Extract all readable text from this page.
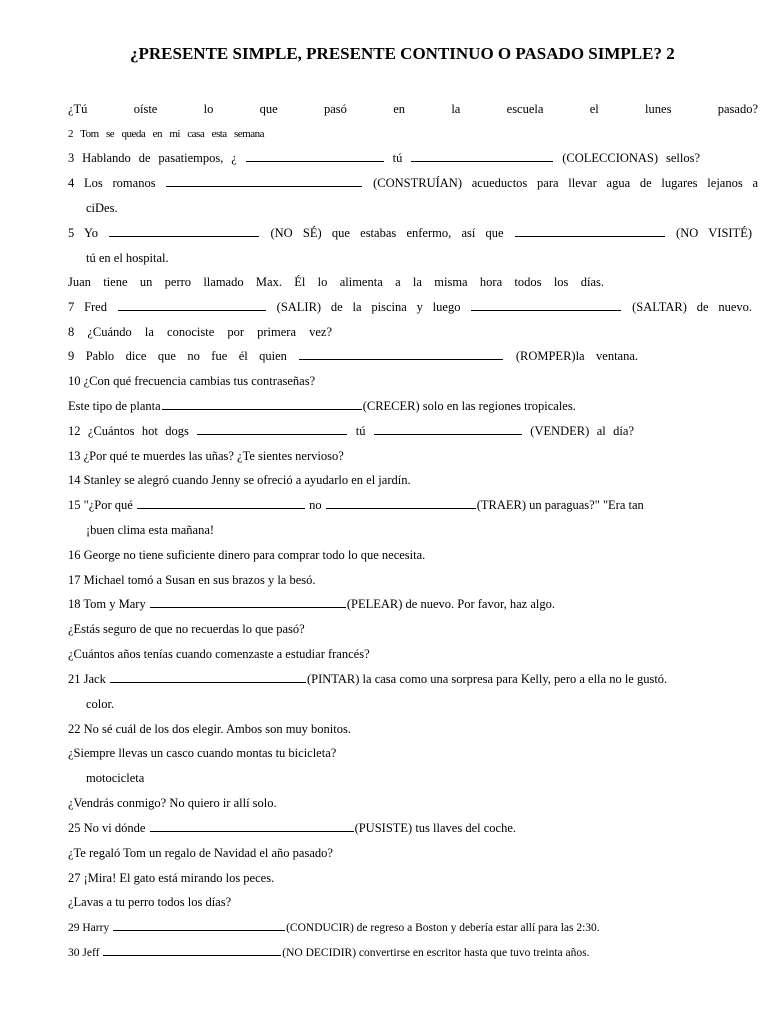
¿PRESENTE SIMPLE, PRESENTE CONTINUO O PASADO SIMPLE? 2
¿Tú oíste lo que pasó en la escuela el lunes pasado?
2 Tom se queda en mi casa esta semana
3 Hablando de pasatiempos, ¿	tú	(COLECCIONAS) sellos?
4 Los romanos	(CONSTRUÍAN) acueductos para llevar agua de lugares lejanos a
ciDes.
5 Yo	(NO SÉ) que estabas enfermo, así que	(NO VISITÉ)
tú en el hospital.
Juan tiene un perro llamado Max. Él lo alimenta a la misma hora todos los días.
7 Fred	(SALIR) de la piscina y luego	(SALTAR) de nuevo.
8 ¿Cuándo la conociste por primera vez?
9 Pablo dice que no fue él quien	(ROMPER)la ventana.
10 ¿Con qué frecuencia cambias tus contraseñas?
Este tipo de planta	(CRECER) solo en las regiones tropicales.
12 ¿Cuántos hot dogs	tú	(VENDER) al día?
13 ¿Por qué te muerdes las uñas? ¿Te sientes nervioso?
14 Stanley se alegró cuando Jenny se ofreció a ayudarlo en el jardín.
15 "¿Por qué	no	(TRAER) un paraguas?" "Era tan
¡buen clima esta mañana!
16 George no tiene suficiente dinero para comprar todo lo que necesita.
17 Michael tomó a Susan en sus brazos y la besó.
18 Tom y Mary	(PELEAR) de nuevo. Por favor, haz algo.
¿Estás seguro de que no recuerdas lo que pasó?
¿Cuántos años tenías cuando comenzaste a estudiar francés?
21 Jack	(PINTAR) la casa como una sorpresa para Kelly, pero a ella no le gustó.
color.
22 No sé cuál de los dos elegir. Ambos son muy bonitos.
¿Siempre llevas un casco cuando montas tu bicicleta?
motocicleta
¿Vendrás conmigo? No quiero ir allí solo.
25 No vi dónde	(PUSISTE) tus llaves del coche.
¿Te regaló Tom un regalo de Navidad el año pasado?
27 ¡Mira! El gato está mirando los peces.
¿Lavas a tu perro todos los días?
29 Harry	(CONDUCIR) de regreso a Boston y debería estar allí para las 2:30.
30 Jeff	(NO DECIDIR) convertirse en escritor hasta que tuvo treinta años.
